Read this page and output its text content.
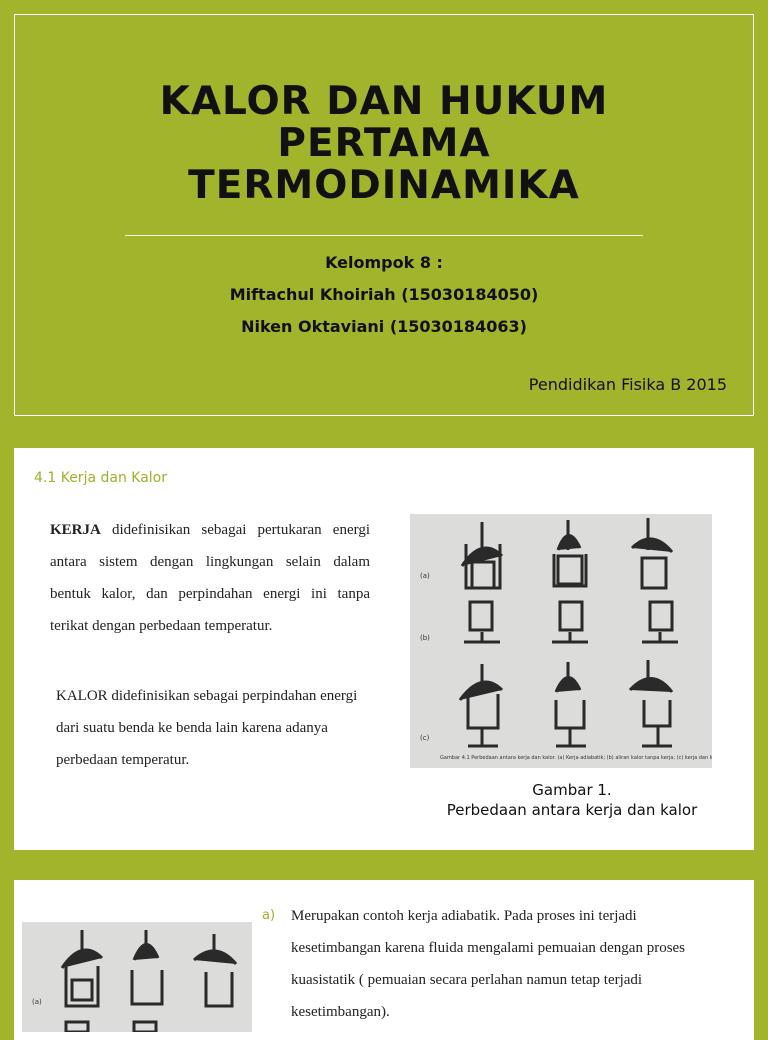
KALOR DAN HUKUM
PERTAMA
TERMODINAMIKA
Kelompok 8 :
Miftachul Khoiriah (15030184050)
Niken Oktaviani (15030184063)
Pendidikan Fisika B 2015
4.1 Kerja dan Kalor
KERJA didefinisikan sebagai pertukaran energi antara sistem dengan lingkungan selain dalam bentuk kalor, dan perpindahan energi ini tanpa terikat dengan perbedaan temperatur.
KALOR didefinisikan sebagai perpindahan energi dari suatu benda ke benda lain karena adanya perbedaan temperatur.
(a)
(b)
(c)
Gambar 4.1 Perbedaan antara kerja dan kalor. (a) Kerja adiabatik; (b) aliran kalor tanpa kerja; (c) kerja dan kalor.
Gambar 1.
Perbedaan antara kerja dan kalor
(a)
a) Merupakan contoh kerja adiabatik. Pada proses ini terjadi kesetimbangan karena fluida mengalami pemuaian dengan proses kuasistatik ( pemuaian secara perlahan namun tetap terjadi kesetimbangan).
